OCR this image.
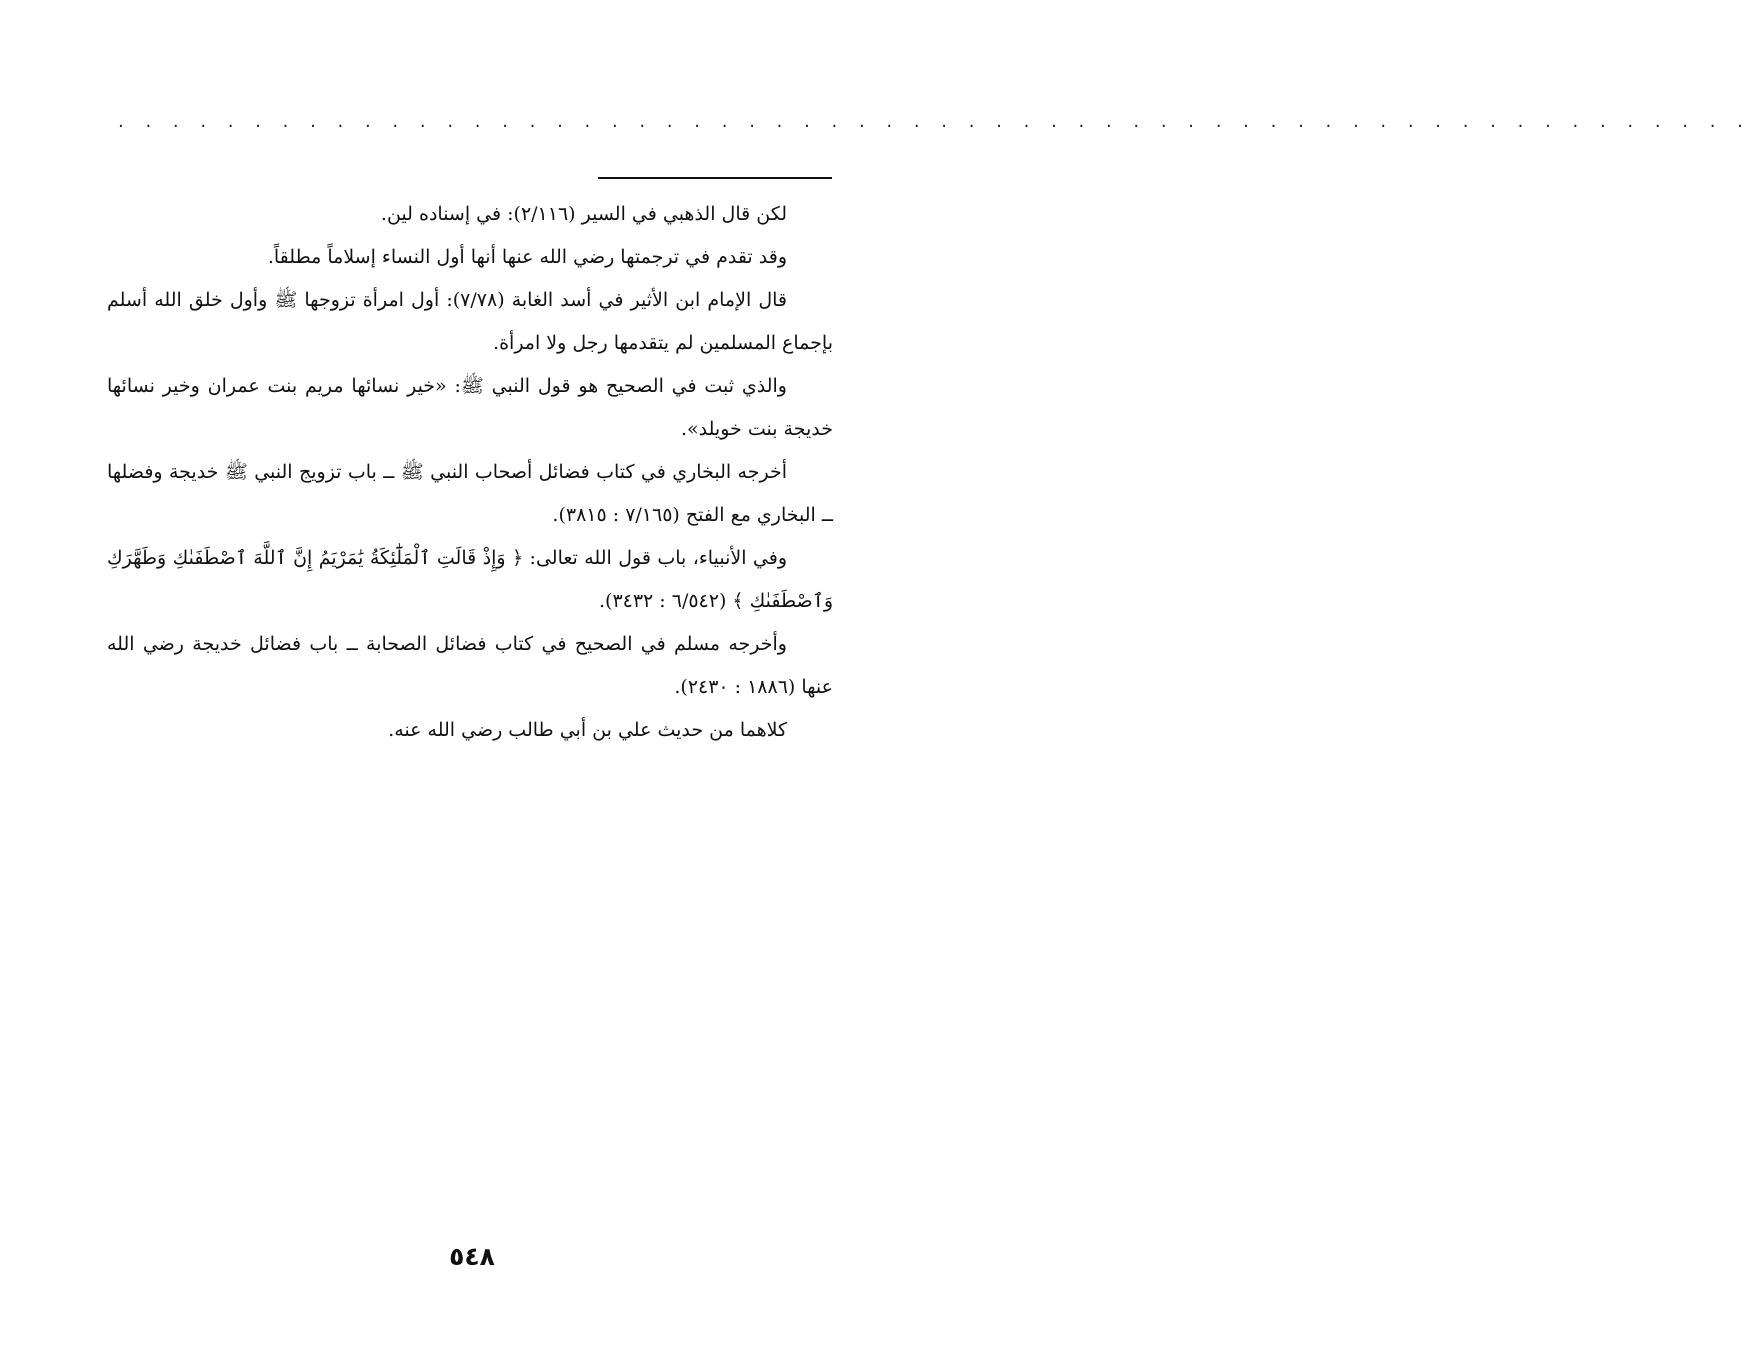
. . . . . . . . . . . . . . . . . . . . . . . . . . . . . . . . . . . . . . . . . . . . . . . . . . . . . . . . . . . .

لكن قال الذهبي في السير (٢/١١٦): في إسناده لين.

وقد تقدم في ترجمتها رضي الله عنها أنها أول النساء إسلاماً مطلقاً.

قال الإمام ابن الأثير في أسد الغابة (٧/٧٨): أول امرأة تزوجها ﷺ وأول خلق الله أسلم بإجماع المسلمين لم يتقدمها رجل ولا امرأة.

والذي ثبت في الصحيح هو قول النبي ﷺ: «خير نسائها مريم بنت عمران وخير نسائها خديجة بنت خويلد».

أخرجه البخاري في كتاب فضائل أصحاب النبي ﷺ ــ باب تزويج النبي ﷺ خديجة وفضلها ــ البخاري مع الفتح (٧/١٦٥ : ٣٨١٥).

وفي الأنبياء، باب قول الله تعالى: ﴿ وَإِذْ قَالَتِ ٱلْمَلَٰٓئِكَةُ يَٰمَرْيَمُ إِنَّ ٱللَّهَ ٱصْطَفَىٰكِ وَطَهَّرَكِ وَٱصْطَفَىٰكِ ﴾ (٦/٥٤٢ : ٣٤٣٢).

وأخرجه مسلم في الصحيح في كتاب فضائل الصحابة ــ باب فضائل خديجة رضي الله عنها (١٨٨٦ : ٢٤٣٠).

كلاهما من حديث علي بن أبي طالب رضي الله عنه.

٥٤٨
